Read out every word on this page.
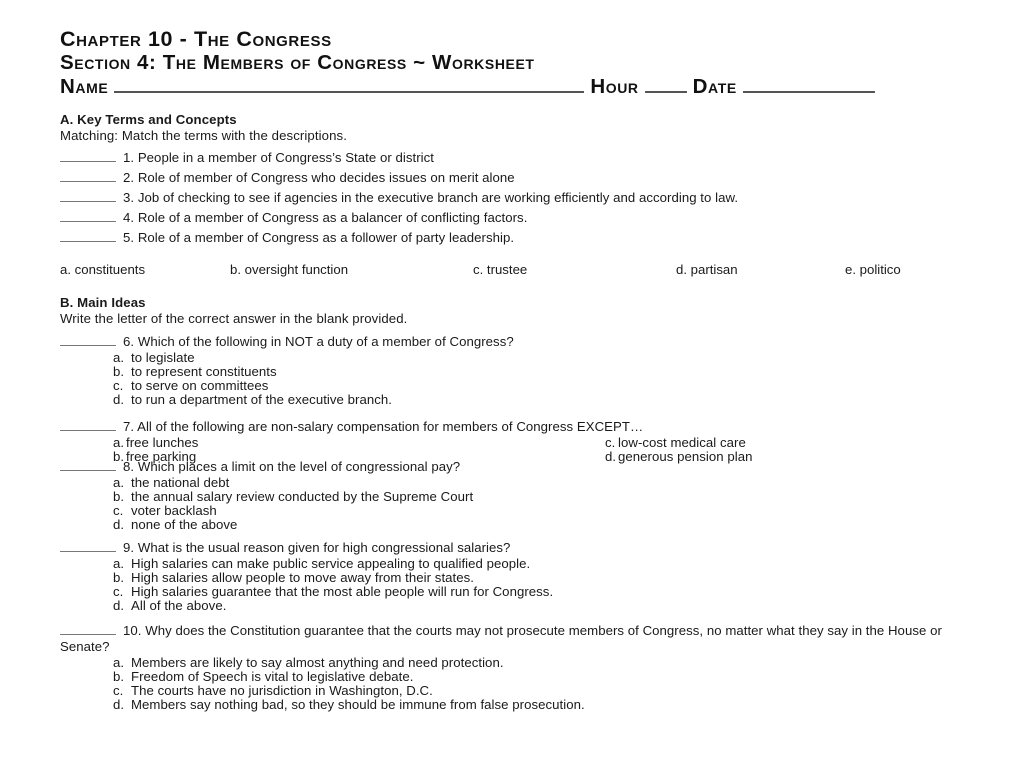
Chapter 10 - The Congress
Section 4: The Members of Congress ~ Worksheet
Name	Hour	Date
A. Key Terms and Concepts
Matching: Match the terms with the descriptions.
1. People in a member of Congress’s State or district
2. Role of member of Congress who decides issues on merit alone
3. Job of checking to see if agencies in the executive branch are working efficiently and according to law.
4. Role of a member of Congress as a balancer of conflicting factors.
5. Role of a member of Congress as a follower of party leadership.
a. constituents	b. oversight function	c. trustee	d. partisan	e. politico
B. Main Ideas
Write the letter of the correct answer in the blank provided.
6. Which of the following in NOT a duty of a member of Congress?
a. to legislate
b. to represent constituents
c. to serve on committees
d. to run a department of the executive branch.
7. All of the following are non-salary compensation for members of Congress EXCEPT…
a. free lunches
b. free parking
c. low-cost medical care
d. generous pension plan
8. Which places a limit on the level of congressional pay?
a. the national debt
b. the annual salary review conducted by the Supreme Court
c. voter backlash
d. none of the above
9. What is the usual reason given for high congressional salaries?
a. High salaries can make public service appealing to qualified people.
b. High salaries allow people to move away from their states.
c. High salaries guarantee that the most able people will run for Congress.
d. All of the above.
10. Why does the Constitution guarantee that the courts may not prosecute members of Congress, no matter what they say in the House or Senate?
a. Members are likely to say almost anything and need protection.
b. Freedom of Speech is vital to legislative debate.
c. The courts have no jurisdiction in Washington, D.C.
d. Members say nothing bad, so they should be immune from false prosecution.
